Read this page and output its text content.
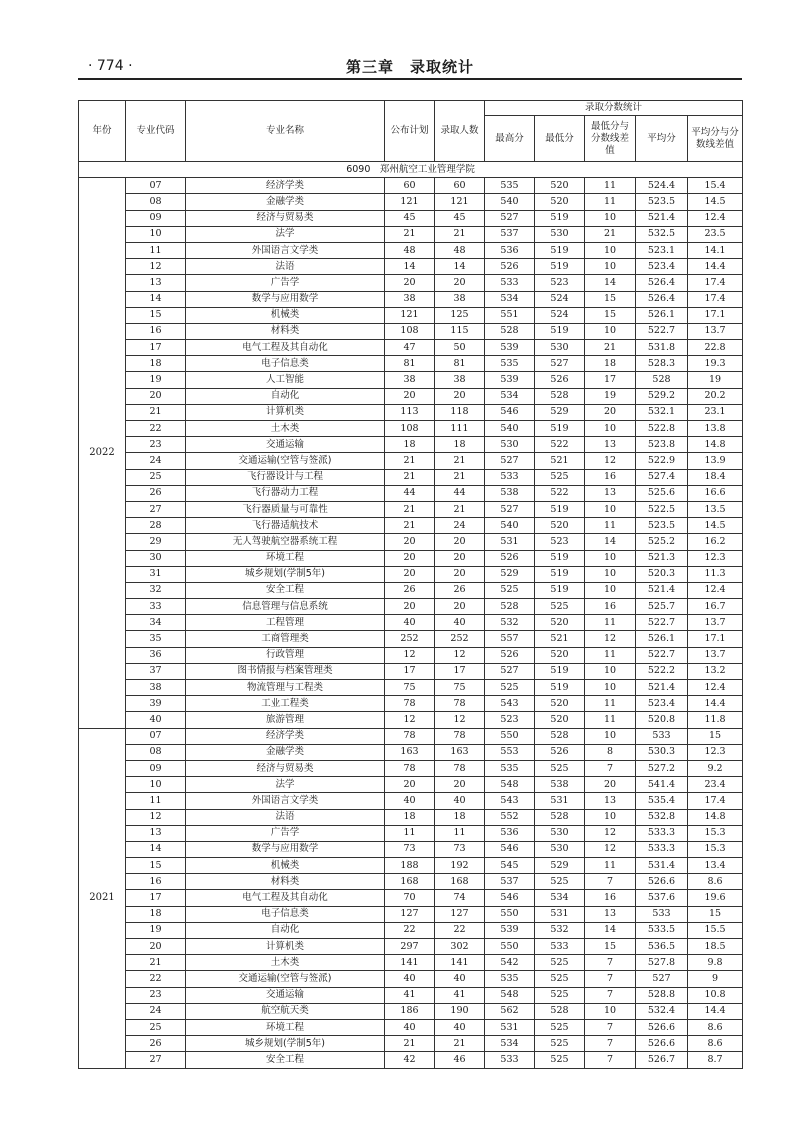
· 774 ·	第三章　录取统计
年份	专业代码	专业名称	公布计划	录取人数	录取分数统计				
					最高分	最低分	最低分与分数线差值	平均分	平均分与分数线差值
6090　郑州航空工业管理学院									
2022	07	经济学类	60	60	535	520	11	524.4	15.4
	08	金融学类	121	121	540	520	11	523.5	14.5
	09	经济与贸易类	45	45	527	519	10	521.4	12.4
	10	法学	21	21	537	530	21	532.5	23.5
	11	外国语言文学类	48	48	536	519	10	523.1	14.1
	12	法语	14	14	526	519	10	523.4	14.4
	13	广告学	20	20	533	523	14	526.4	17.4
	14	数学与应用数学	38	38	534	524	15	526.4	17.4
	15	机械类	121	125	551	524	15	526.1	17.1
	16	材料类	108	115	528	519	10	522.7	13.7
	17	电气工程及其自动化	47	50	539	530	21	531.8	22.8
	18	电子信息类	81	81	535	527	18	528.3	19.3
	19	人工智能	38	38	539	526	17	528	19
	20	自动化	20	20	534	528	19	529.2	20.2
	21	计算机类	113	118	546	529	20	532.1	23.1
	22	土木类	108	111	540	519	10	522.8	13.8
	23	交通运输	18	18	530	522	13	523.8	14.8
	24	交通运输(空管与签派)	21	21	527	521	12	522.9	13.9
	25	飞行器设计与工程	21	21	533	525	16	527.4	18.4
	26	飞行器动力工程	44	44	538	522	13	525.6	16.6
	27	飞行器质量与可靠性	21	21	527	519	10	522.5	13.5
	28	飞行器适航技术	21	24	540	520	11	523.5	14.5
	29	无人驾驶航空器系统工程	20	20	531	523	14	525.2	16.2
	30	环境工程	20	20	526	519	10	521.3	12.3
	31	城乡规划(学制5年)	20	20	529	519	10	520.3	11.3
	32	安全工程	26	26	525	519	10	521.4	12.4
	33	信息管理与信息系统	20	20	528	525	16	525.7	16.7
	34	工程管理	40	40	532	520	11	522.7	13.7
	35	工商管理类	252	252	557	521	12	526.1	17.1
	36	行政管理	12	12	526	520	11	522.7	13.7
	37	图书情报与档案管理类	17	17	527	519	10	522.2	13.2
	38	物流管理与工程类	75	75	525	519	10	521.4	12.4
	39	工业工程类	78	78	543	520	11	523.4	14.4
	40	旅游管理	12	12	523	520	11	520.8	11.8
2021	07	经济学类	78	78	550	528	10	533	15
	08	金融学类	163	163	553	526	8	530.3	12.3
	09	经济与贸易类	78	78	535	525	7	527.2	9.2
	10	法学	20	20	548	538	20	541.4	23.4
	11	外国语言文学类	40	40	543	531	13	535.4	17.4
	12	法语	18	18	552	528	10	532.8	14.8
	13	广告学	11	11	536	530	12	533.3	15.3
	14	数学与应用数学	73	73	546	530	12	533.3	15.3
	15	机械类	188	192	545	529	11	531.4	13.4
	16	材料类	168	168	537	525	7	526.6	8.6
	17	电气工程及其自动化	70	74	546	534	16	537.6	19.6
	18	电子信息类	127	127	550	531	13	533	15
	19	自动化	22	22	539	532	14	533.5	15.5
	20	计算机类	297	302	550	533	15	536.5	18.5
	21	土木类	141	141	542	525	7	527.8	9.8
	22	交通运输(空管与签派)	40	40	535	525	7	527	9
	23	交通运输	41	41	548	525	7	528.8	10.8
	24	航空航天类	186	190	562	528	10	532.4	14.4
	25	环境工程	40	40	531	525	7	526.6	8.6
	26	城乡规划(学制5年)	21	21	534	525	7	526.6	8.6
	27	安全工程	42	46	533	525	7	526.7	8.7
